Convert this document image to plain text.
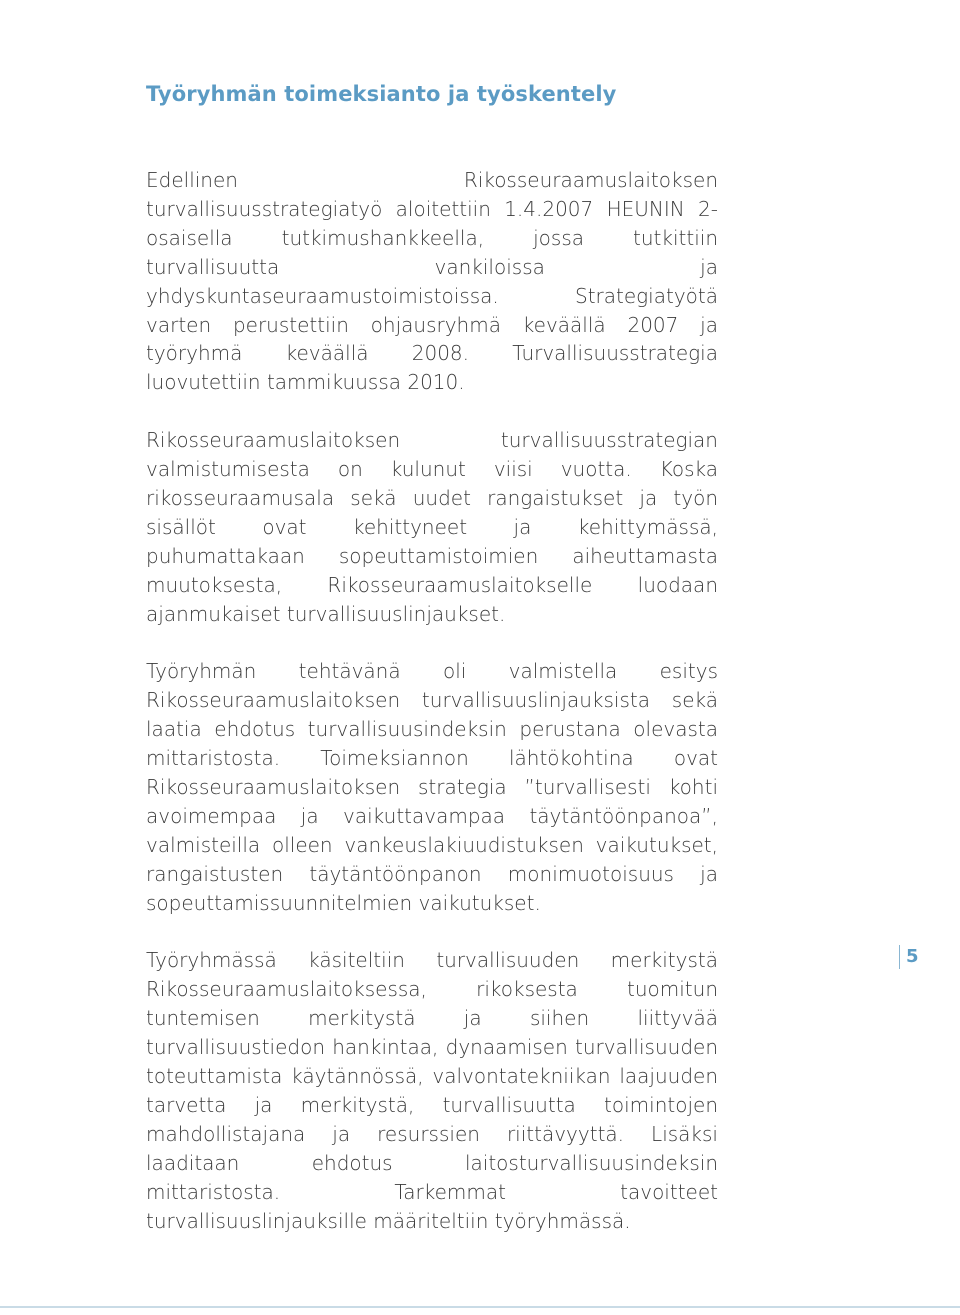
Työryhmän toimeksianto ja työskentely

Edellinen Rikosseuraamuslaitoksen turvallisuusstrategiatyö aloitettiin 1.4.2007 HEUNIN 2-osaisella tutkimushankkeella, jossa tutkittiin turvallisuutta vankiloissa ja yhdyskuntaseuraamustoimistoissa. Strategiatyötä varten perustettiin ohjausryhmä keväällä 2007 ja työryhmä keväällä 2008. Turvallisuusstrategia luovutettiin tammikuussa 2010.

Rikosseuraamuslaitoksen turvallisuusstrategian valmistumisesta on kulunut viisi vuotta. Koska rikosseuraamusala sekä uudet rangaistukset ja työn sisällöt ovat kehittyneet ja kehittymässä, puhumattakaan sopeuttamistoimien aiheuttamasta muutoksesta, Rikosseuraamuslaitokselle luodaan ajanmukaiset turvallisuuslinjaukset.

Työryhmän tehtävänä oli valmistella esitys Rikosseuraamuslaitoksen turvallisuuslinjauksista sekä laatia ehdotus turvallisuusindeksin perustana olevasta mittaristosta. Toimeksiannon lähtökohtina ovat Rikosseuraamuslaitoksen strategia ”turvallisesti kohti avoimempaa ja vaikuttavampaa täytäntöönpanoa”, valmisteilla olleen vankeuslakiuudistuksen vaikutukset, rangaistusten täytäntöönpanon monimuotoisuus ja sopeuttamissuunnitelmien vaikutukset.

Työryhmässä käsiteltiin turvallisuuden merkitystä Rikosseuraamuslaitoksessa, rikoksesta tuomitun tuntemisen merkitystä ja siihen liittyvää turvallisuustiedon hankintaa, dynaamisen turvallisuuden toteuttamista käytännössä, valvontatekniikan laajuuden tarvetta ja merkitystä, turvallisuutta toimintojen mahdollistajana ja resurssien riittävyyttä. Lisäksi laaditaan ehdotus laitosturvallisuusindeksin mittaristosta. Tarkemmat tavoitteet turvallisuuslinjauksille määriteltiin työryhmässä.

5
